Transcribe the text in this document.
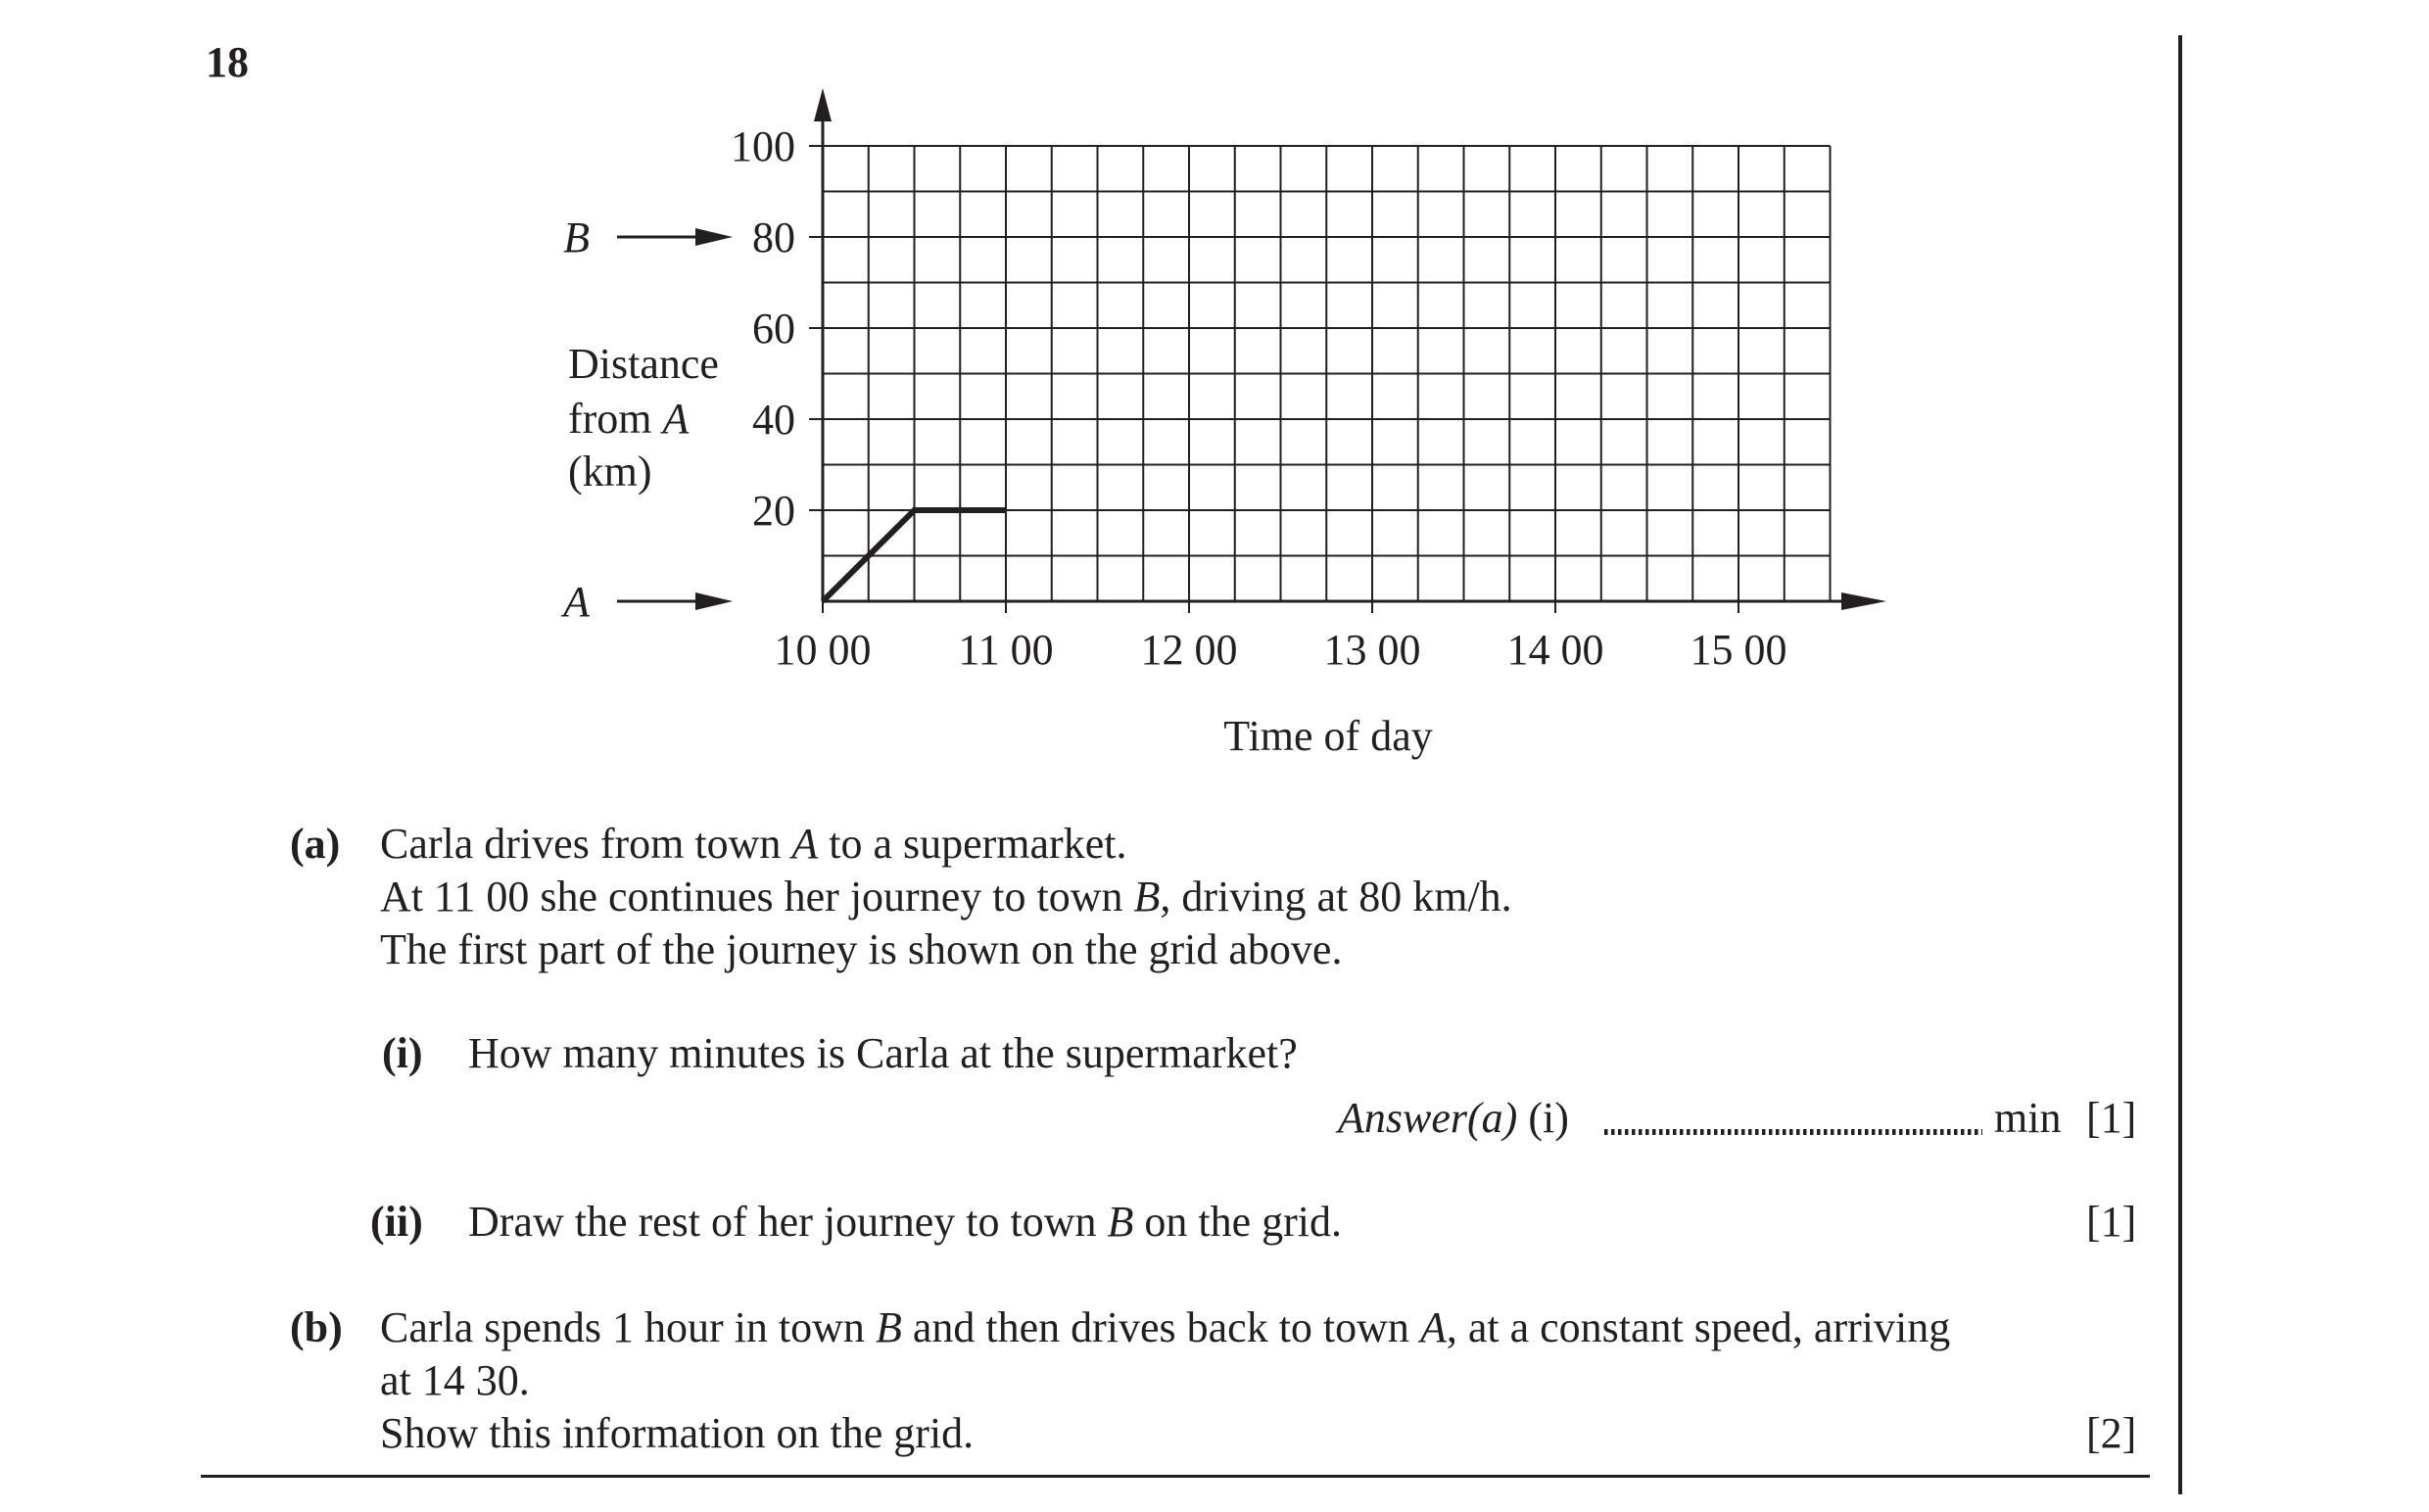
18
20
40
60
80
100
10 00 11 00 12 00 13 00 14 00 15 00
Time of day
Distance
from A
(km)
B
A
(a) Carla drives from town A to a supermarket.
At 11 00 she continues her journey to town B, driving at 80 km/h.
The first part of the journey is shown on the grid above.
(i) How many minutes is Carla at the supermarket?
Answer(a) (i)	min [1]
(ii) Draw the rest of her journey to town B on the grid.	[1]
(b) Carla spends 1 hour in town B and then drives back to town A, at a constant speed, arriving
at 14 30.
Show this information on the grid.	[2]
